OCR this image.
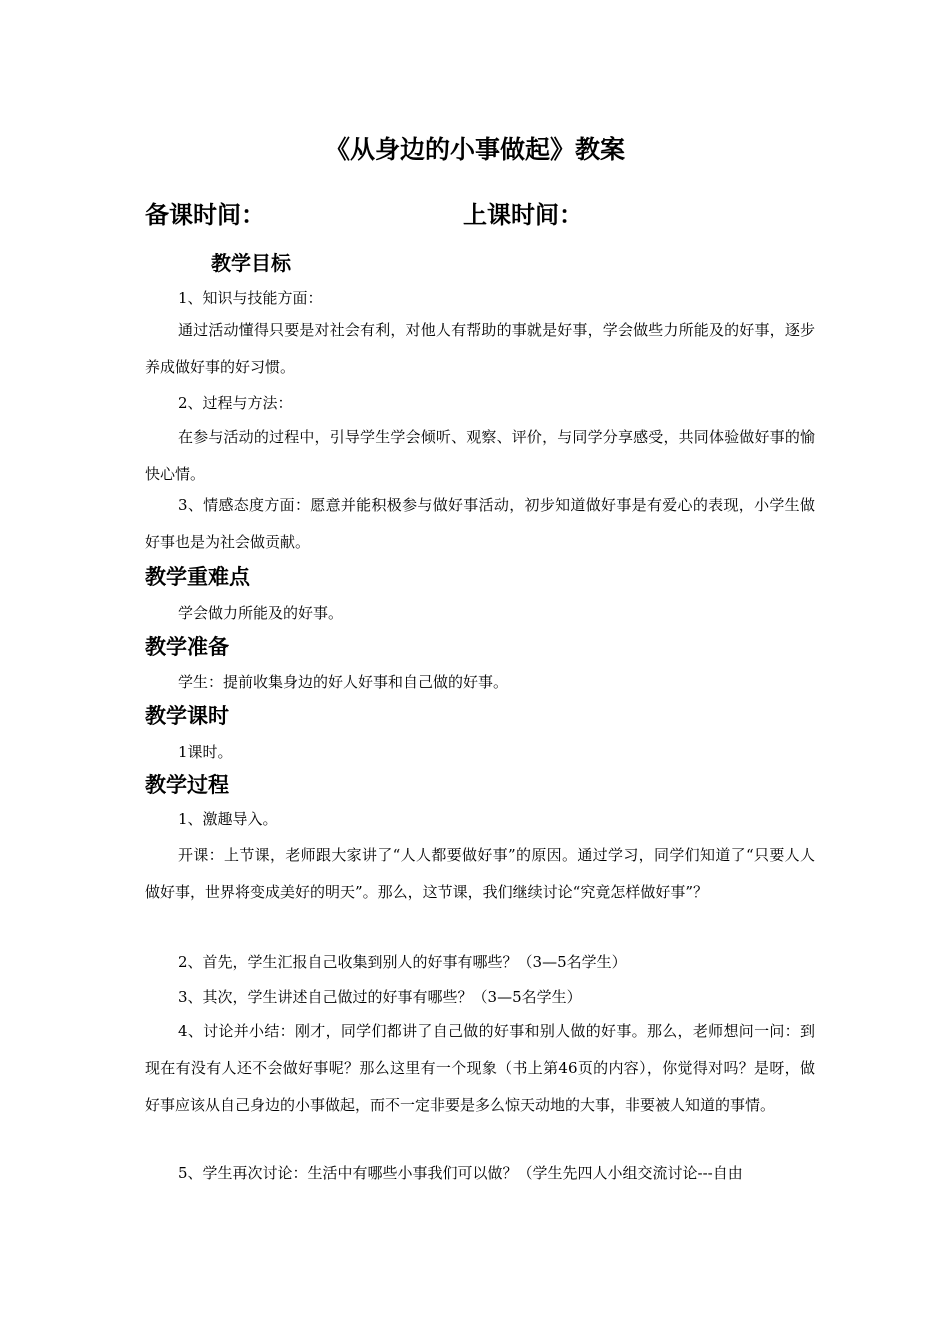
《从身边的小事做起》教案
备课时间：	上课时间：
教学目标

1、知识与技能方面：

通过活动懂得只要是对社会有利，对他人有帮助的事就是好事，学会做些力所能及的好事，逐步养成做好事的好习惯。

2、过程与方法：

在参与活动的过程中，引导学生学会倾听、观察、评价，与同学分享感受，共同体验做好事的愉快心情。

3、情感态度方面：愿意并能积极参与做好事活动，初步知道做好事是有爱心的表现，小学生做好事也是为社会做贡献。

教学重难点

学会做力所能及的好事。

教学准备

学生：提前收集身边的好人好事和自己做的好事。

教学课时

1课时。

教学过程

1、激趣导入。

开课：上节课，老师跟大家讲了“人人都要做好事”的原因。通过学习，同学们知道了“只要人人做好事，世界将变成美好的明天”。那么，这节课，我们继续讨论“究竟怎样做好事”？

2、首先，学生汇报自己收集到别人的好事有哪些？（3—5名学生）

3、其次，学生讲述自己做过的好事有哪些？（3—5名学生）

4、讨论并小结：刚才，同学们都讲了自己做的好事和别人做的好事。那么，老师想问一问：到现在有没有人还不会做好事呢？那么这里有一个现象（书上第46页的内容），你觉得对吗？是呀，做好事应该从自己身边的小事做起，而不一定非要是多么惊天动地的大事，非要被人知道的事情。

5、学生再次讨论：生活中有哪些小事我们可以做？（学生先四人小组交流讨论---自由
